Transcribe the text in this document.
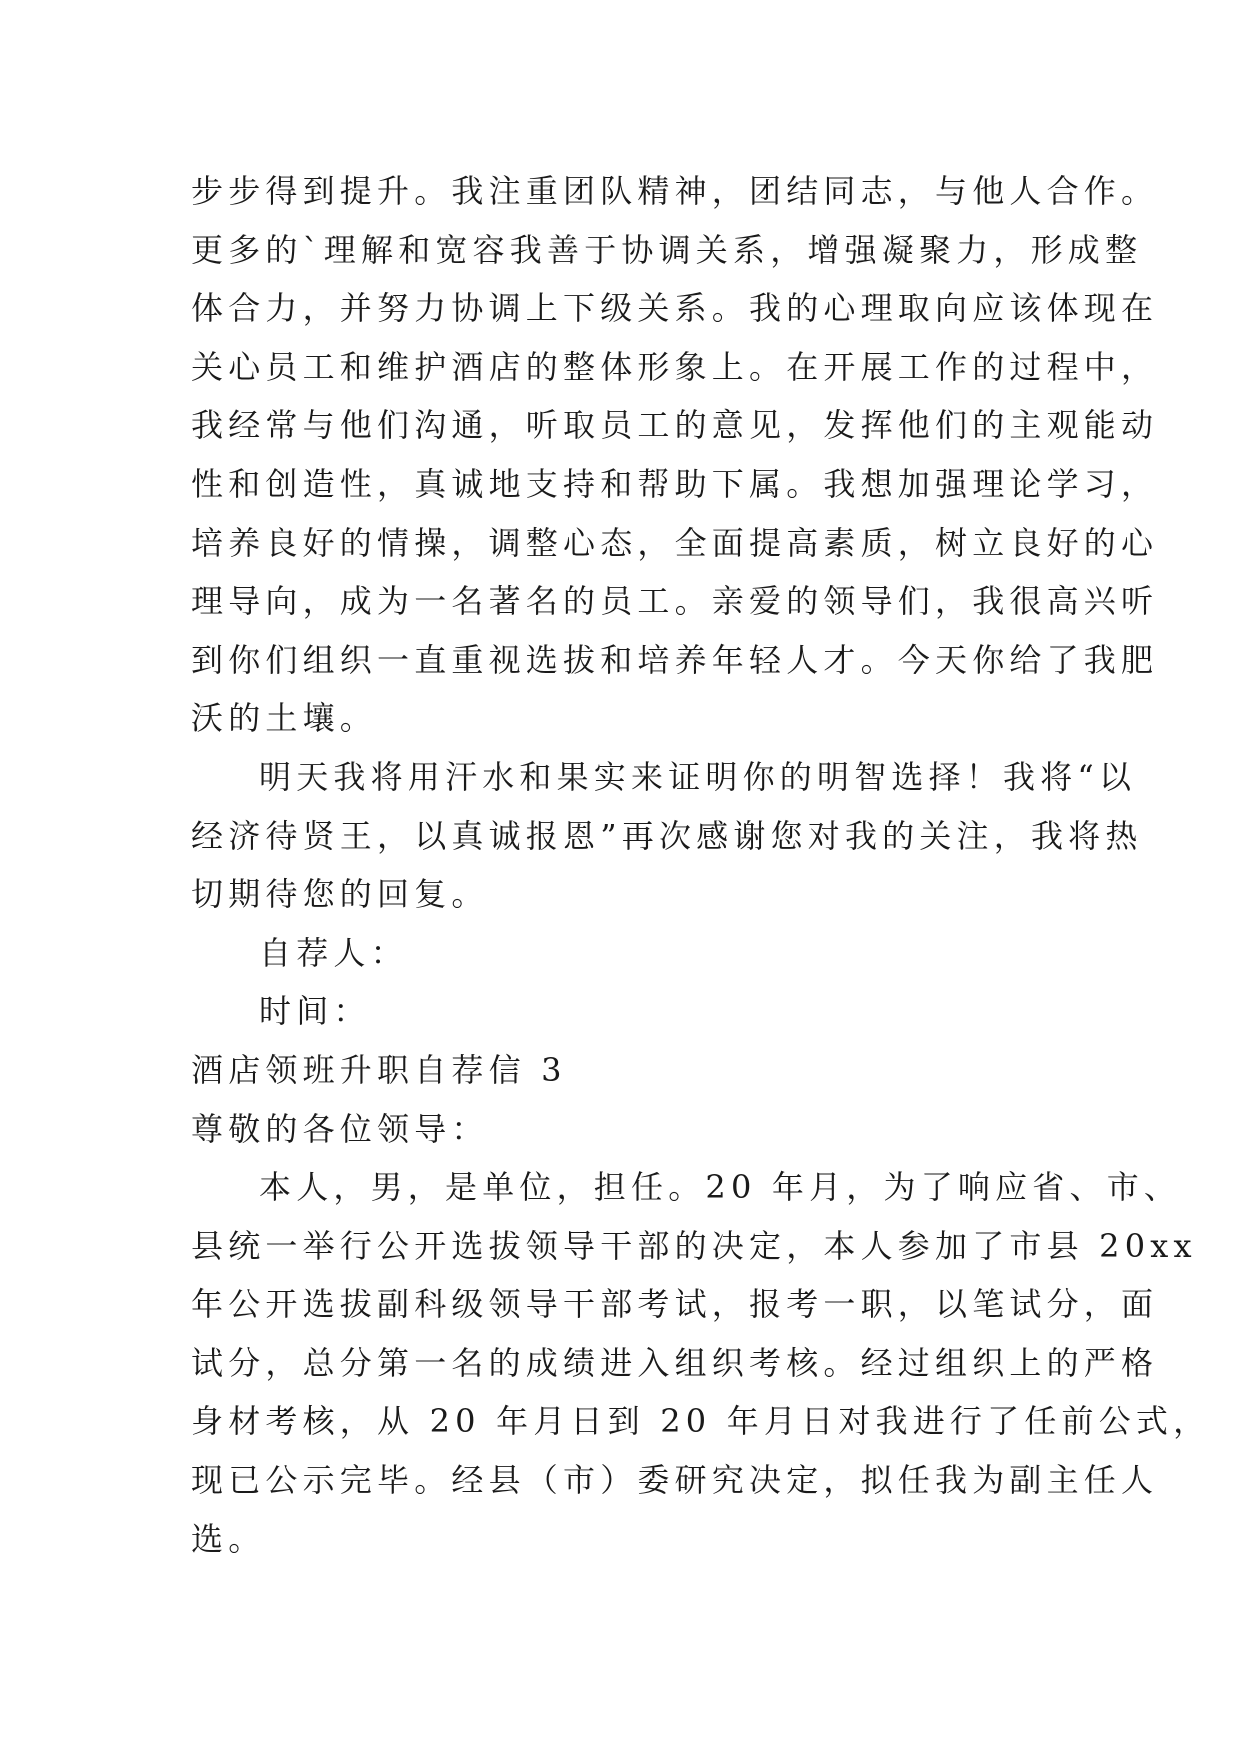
步步得到提升。我注重团队精神，团结同志，与他人合作。
更多的`理解和宽容我善于协调关系，增强凝聚力，形成整
体合力，并努力协调上下级关系。我的心理取向应该体现在
关心员工和维护酒店的整体形象上。在开展工作的过程中，
我经常与他们沟通，听取员工的意见，发挥他们的主观能动
性和创造性，真诚地支持和帮助下属。我想加强理论学习，
培养良好的情操，调整心态，全面提高素质，树立良好的心
理导向，成为一名著名的员工。亲爱的领导们，我很高兴听
到你们组织一直重视选拔和培养年轻人才。今天你给了我肥
沃的土壤。
明天我将用汗水和果实来证明你的明智选择！我将“以
经济待贤王，以真诚报恩”再次感谢您对我的关注，我将热
切期待您的回复。
自荐人：
时间：
酒店领班升职自荐信 3
尊敬的各位领导：
本人，男，是单位，担任。20 年月，为了响应省、市、
县统一举行公开选拔领导干部的决定，本人参加了市县 20xx
年公开选拔副科级领导干部考试，报考一职，以笔试分，面
试分，总分第一名的成绩进入组织考核。经过组织上的严格
身材考核，从 20 年月日到 20 年月日对我进行了任前公式，
现已公示完毕。经县（市）委研究决定，拟任我为副主任人
选。
